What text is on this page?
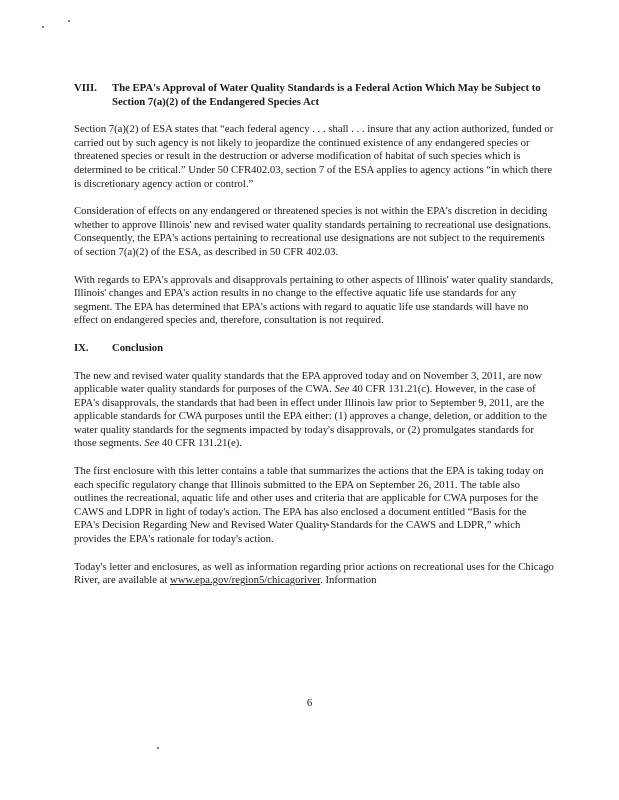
VIII.	The EPA's Approval of Water Quality Standards is a Federal Action Which May be Subject to Section 7(a)(2) of the Endangered Species Act

Section 7(a)(2) of ESA states that “each federal agency . . . shall . . . insure that any action authorized, funded or carried out by such agency is not likely to jeopardize the continued existence of any endangered species or threatened species or result in the destruction or adverse modification of habitat of such species which is determined to be critical.” Under 50 CFR402.03, section 7 of the ESA applies to agency actions “in which there is discretionary agency action or control.”

Consideration of effects on any endangered or threatened species is not within the EPA's discretion in deciding whether to approve Illinois' new and revised water quality standards pertaining to recreational use designations. Consequently, the EPA's actions pertaining to recreational use designations are not subject to the requirements of section 7(a)(2) of the ESA, as described in 50 CFR 402.03.

With regards to EPA's approvals and disapprovals pertaining to other aspects of Illinois' water quality standards, Illinois' changes and EPA's action results in no change to the effective aquatic life use standards for any segment. The EPA has determined that EPA's actions with regard to aquatic life use standards will have no effect on endangered species and, therefore, consultation is not required.

IX.	Conclusion

The new and revised water quality standards that the EPA approved today and on November 3, 2011, are now applicable water quality standards for purposes of the CWA. See 40 CFR 131.21(c). However, in the case of EPA's disapprovals, the standards that had been in effect under Illinois law prior to September 9, 2011, are the applicable standards for CWA purposes until the EPA either: (1) approves a change, deletion, or addition to the water quality standards for the segments impacted by today's disapprovals, or (2) promulgates standards for those segments. See 40 CFR 131.21(e).

The first enclosure with this letter contains a table that summarizes the actions that the EPA is taking today on each specific regulatory change that Illinois submitted to the EPA on September 26, 2011. The table also outlines the recreational, aquatic life and other uses and criteria that are applicable for CWA purposes for the CAWS and LDPR in light of today's action. The EPA has also enclosed a document entitled “Basis for the EPA's Decision Regarding New and Revised Water Quality Standards for the CAWS and LDPR,” which provides the EPA's rationale for today's action.

Today's letter and enclosures, as well as information regarding prior actions on recreational uses for the Chicago River, are available at www.epa.gov/region5/chicagoriver. Information

6
